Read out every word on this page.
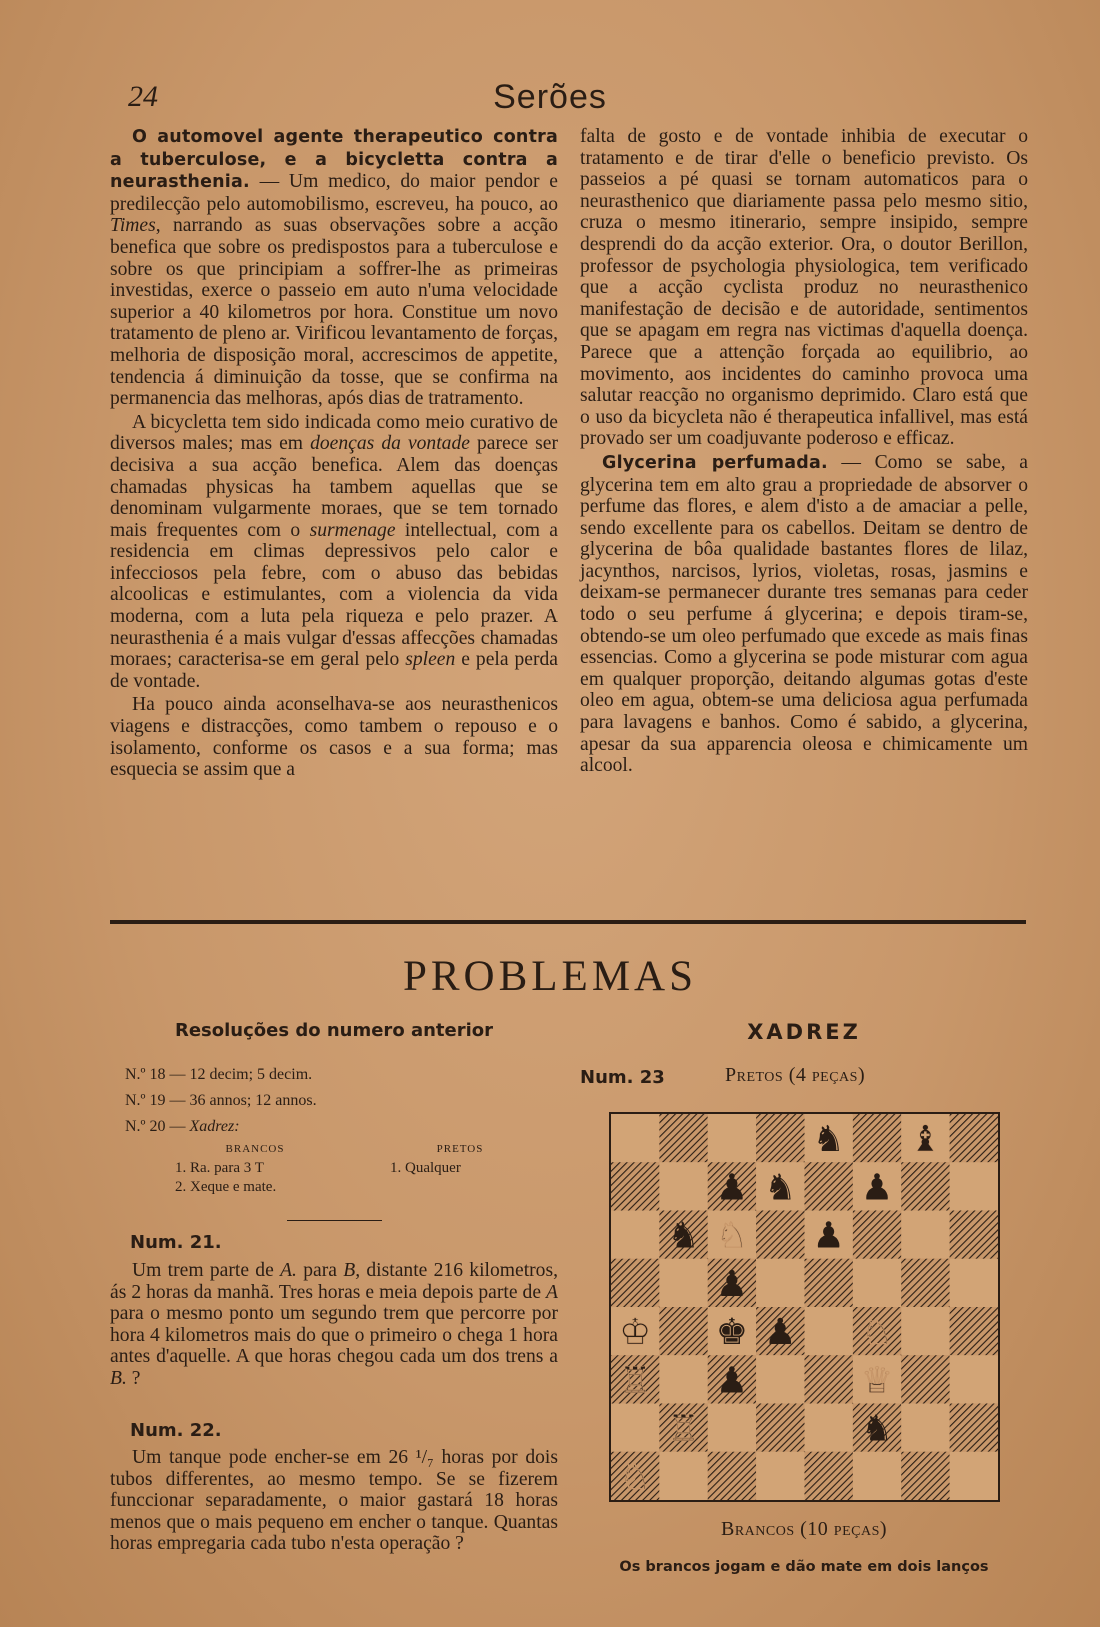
24	Serões

O automovel agente therapeutico contra a tuberculose, e a bicycletta contra a neurasthenia. — Um medico, do maior pendor e predilecção pelo automobilismo, escreveu, ha pouco, ao Times, narrando as suas observações sobre a acção benefica que sobre os predispostos para a tuberculose e sobre os que principiam a soffrer-lhe as primeiras investidas, exerce o passeio em auto n'uma velocidade superior a 40 kilometros por hora. Constitue um novo tratamento de pleno ar. Virificou levantamento de forças, melhoria de disposição moral, accrescimos de appetite, tendencia á diminuição da tosse, que se confirma na permanencia das melhoras, após dias de tratramento.

A bicycletta tem sido indicada como meio curativo de diversos males; mas em doenças da vontade parece ser decisiva a sua acção benefica. Alem das doenças chamadas physicas ha tambem aquellas que se denominam vulgarmente moraes, que se tem tornado mais frequentes com o surmenage intellectual, com a residencia em climas depressivos pelo calor e infecciosos pela febre, com o abuso das bebidas alcoolicas e estimulantes, com a violencia da vida moderna, com a luta pela riqueza e pelo prazer. A neurasthenia é a mais vulgar d'essas affecções chamadas moraes; caracterisa-se em geral pelo spleen e pela perda de vontade.

Ha pouco ainda aconselhava-se aos neurasthenicos viagens e distracções, como tambem o repouso e o isolamento, conforme os casos e a sua forma; mas esquecia se assim que a

falta de gosto e de vontade inhibia de executar o tratamento e de tirar d'elle o beneficio previsto. Os passeios a pé quasi se tornam automaticos para o neurasthenico que diariamente passa pelo mesmo sitio, cruza o mesmo itinerario, sempre insipido, sempre desprendi do da acção exterior. Ora, o doutor Berillon, professor de psychologia physiologica, tem verificado que a acção cyclista produz no neurasthenico manifestação de decisão e de autoridade, sentimentos que se apagam em regra nas victimas d'aquella doença. Parece que a attenção forçada ao equilibrio, ao movimento, aos incidentes do caminho provoca uma salutar reacção no organismo deprimido. Claro está que o uso da bicycleta não é therapeutica infallivel, mas está provado ser um coadjuvante poderoso e efficaz.

Glycerina perfumada. — Como se sabe, a glycerina tem em alto grau a propriedade de absorver o perfume das flores, e alem d'isto a de amaciar a pelle, sendo excellente para os cabellos. Deitam se dentro de glycerina de bôa qualidade bastantes flores de lilaz, jacynthos, narcisos, lyrios, violetas, rosas, jasmins e deixam-se permanecer durante tres semanas para ceder todo o seu perfume á glycerina; e depois tiram-se, obtendo-se um oleo perfumado que excede as mais finas essencias. Como a glycerina se pode misturar com agua em qualquer proporção, deitando algumas gotas d'este oleo em agua, obtem-se uma deliciosa agua perfumada para lavagens e banhos. Como é sabido, a glycerina, apesar da sua apparencia oleosa e chimicamente um alcool.

PROBLEMAS
Resoluções do numero anterior
N.º 18 — 12 decim; 5 decim.
N.º 19 — 36 annos; 12 annos.
N.º 20 — Xadrez:
BRANCOS
1. Ra. para 3 T
2. Xeque e mate.
PRETOS
1. Qualquer
Num. 21.

Um trem parte de A. para B, distante 216 kilometros, ás 2 horas da manhã. Tres horas e meia depois parte de A para o mesmo ponto um segundo trem que percorre por hora 4 kilometros mais do que o primeiro o chega 1 hora antes d'aquelle. A que horas chegou cada um dos trens a B. ?

Num. 22.

Um tanque pode encher-se em 26 ¹/₇ horas por dois tubos differentes, ao mesmo tempo. Se se fizerem funccionar separadamente, o maior gastará 18 horas menos que o mais pequeno em encher o tanque. Quantas horas empregaria cada tubo n'esta operação ?

XADREZ
Num. 23	Pretos (4 peças)
♞ ♝
♟ ♞ ♟
♞ ♘ ♟
♟
♔ ♚ ♟ ♘
♖ ♟	♕
♖	♞
♘
Brancos (10 peças)
Os brancos jogam e dão mate em dois lanços
